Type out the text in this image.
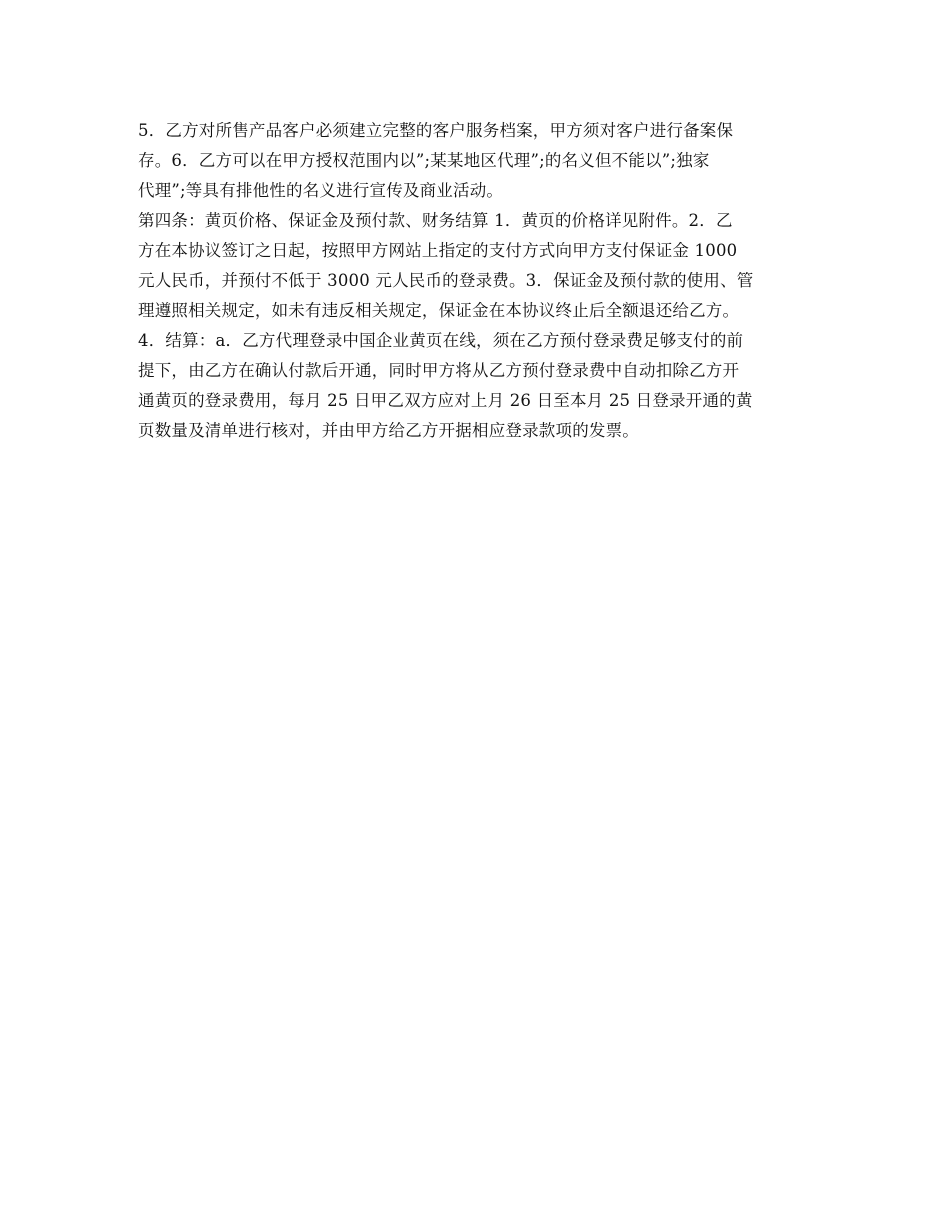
5．乙方对所售产品客户必须建立完整的客户服务档案，甲方须对客户进行备案保
存。6．乙方可以在甲方授权范围内以”;某某地区代理”;的名义但不能以”;独家
代理”;等具有排他性的名义进行宣传及商业活动。
第四条：黄页价格、保证金及预付款、财务结算 1．黄页的价格详见附件。2．乙
方在本协议签订之日起，按照甲方网站上指定的支付方式向甲方支付保证金 1000
元人民币，并预付不低于 3000 元人民币的登录费。3．保证金及预付款的使用、管
理遵照相关规定，如未有违反相关规定，保证金在本协议终止后全额退还给乙方。
4．结算：a．乙方代理登录中国企业黄页在线，须在乙方预付登录费足够支付的前
提下，由乙方在确认付款后开通，同时甲方将从乙方预付登录费中自动扣除乙方开
通黄页的登录费用，每月 25 日甲乙双方应对上月 26 日至本月 25 日登录开通的黄
页数量及清单进行核对，并由甲方给乙方开据相应登录款项的发票。
